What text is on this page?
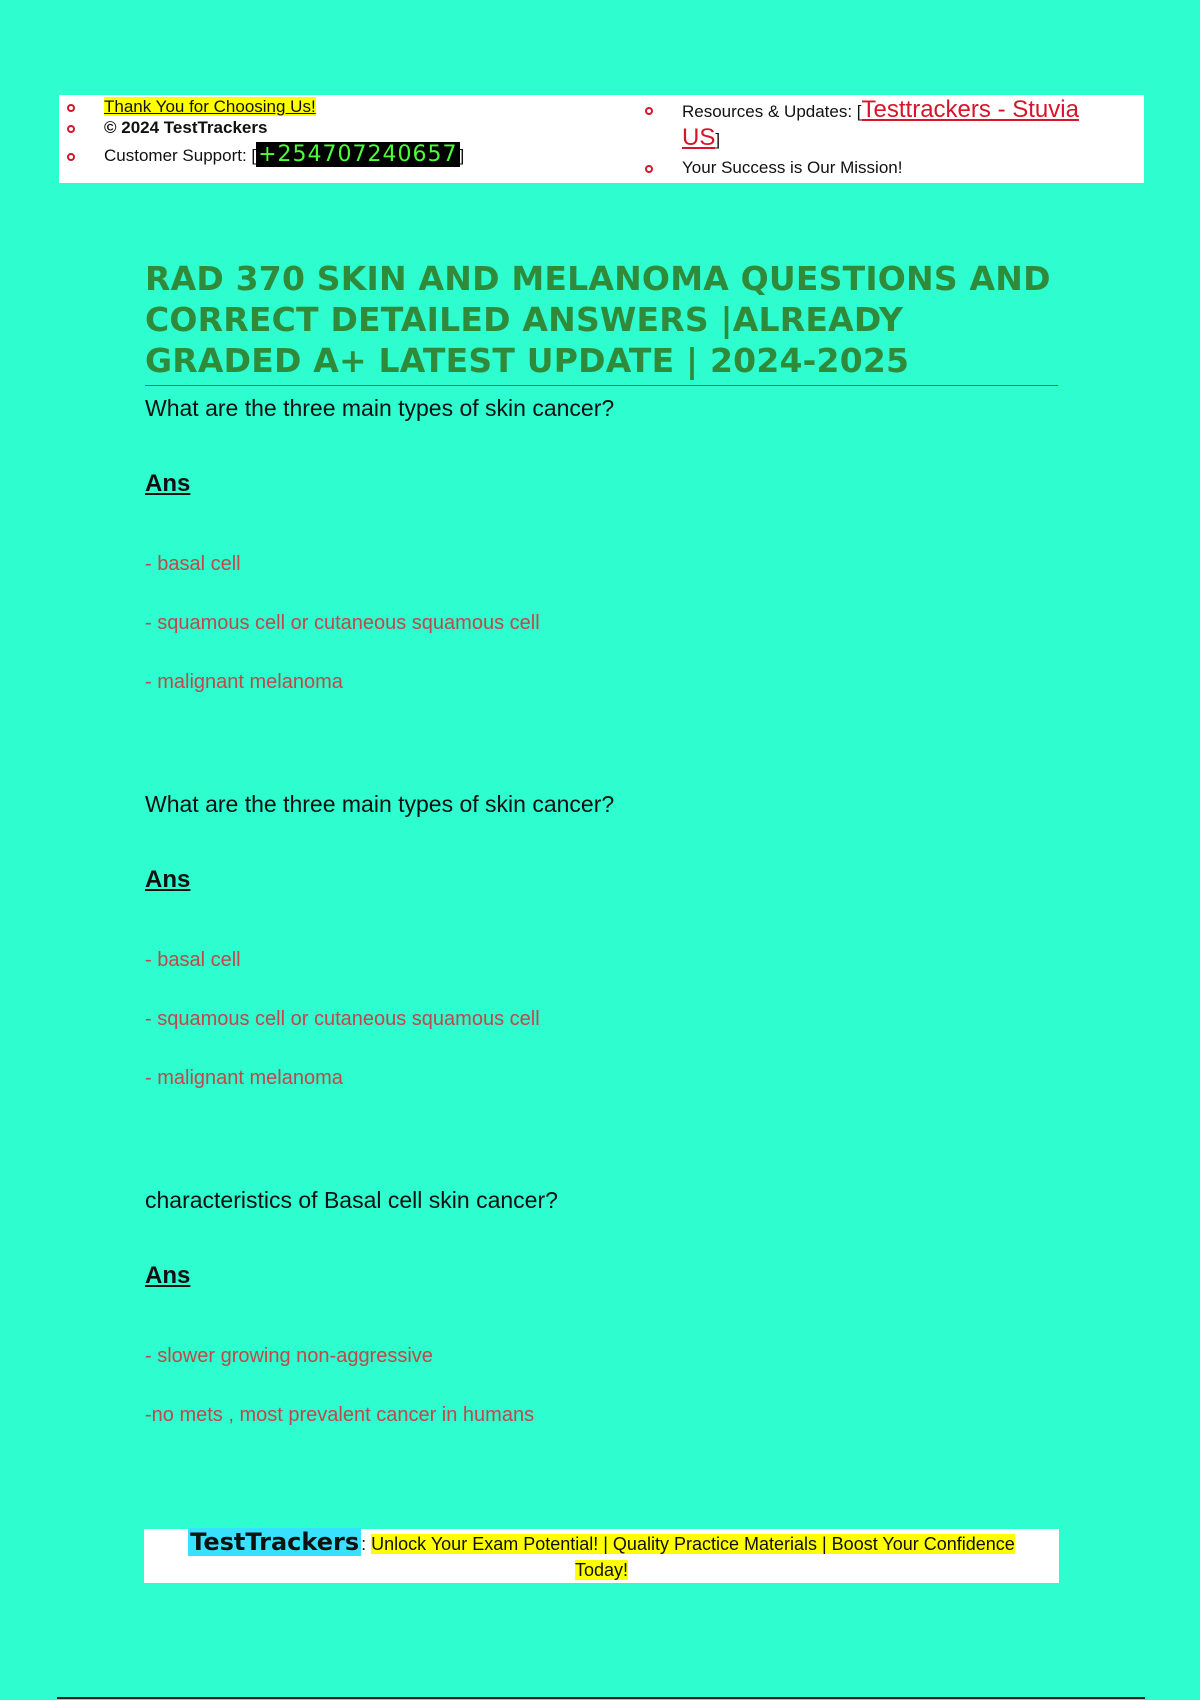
Thank You for Choosing Us!
© 2024 TestTrackers
Customer Support: [+254707240657 ]
Resources & Updates: [Testtrackers - Stuvia
US]
Your Success is Our Mission!
RAD 370 SKIN AND MELANOMA QUESTIONS AND CORRECT DETAILED ANSWERS |ALREADY GRADED A+ LATEST UPDATE | 2024-2025
What are the three main types of skin cancer?
Ans
- basal cell
- squamous cell or cutaneous squamous cell
- malignant melanoma
What are the three main types of skin cancer?
Ans
- basal cell
- squamous cell or cutaneous squamous cell
- malignant melanoma
characteristics of Basal cell skin cancer?
Ans
- slower growing non-aggressive
-no mets , most prevalent cancer in humans
TestTrackers : Unlock Your Exam Potential! | Quality Practice Materials | Boost Your Confidence
Today!
